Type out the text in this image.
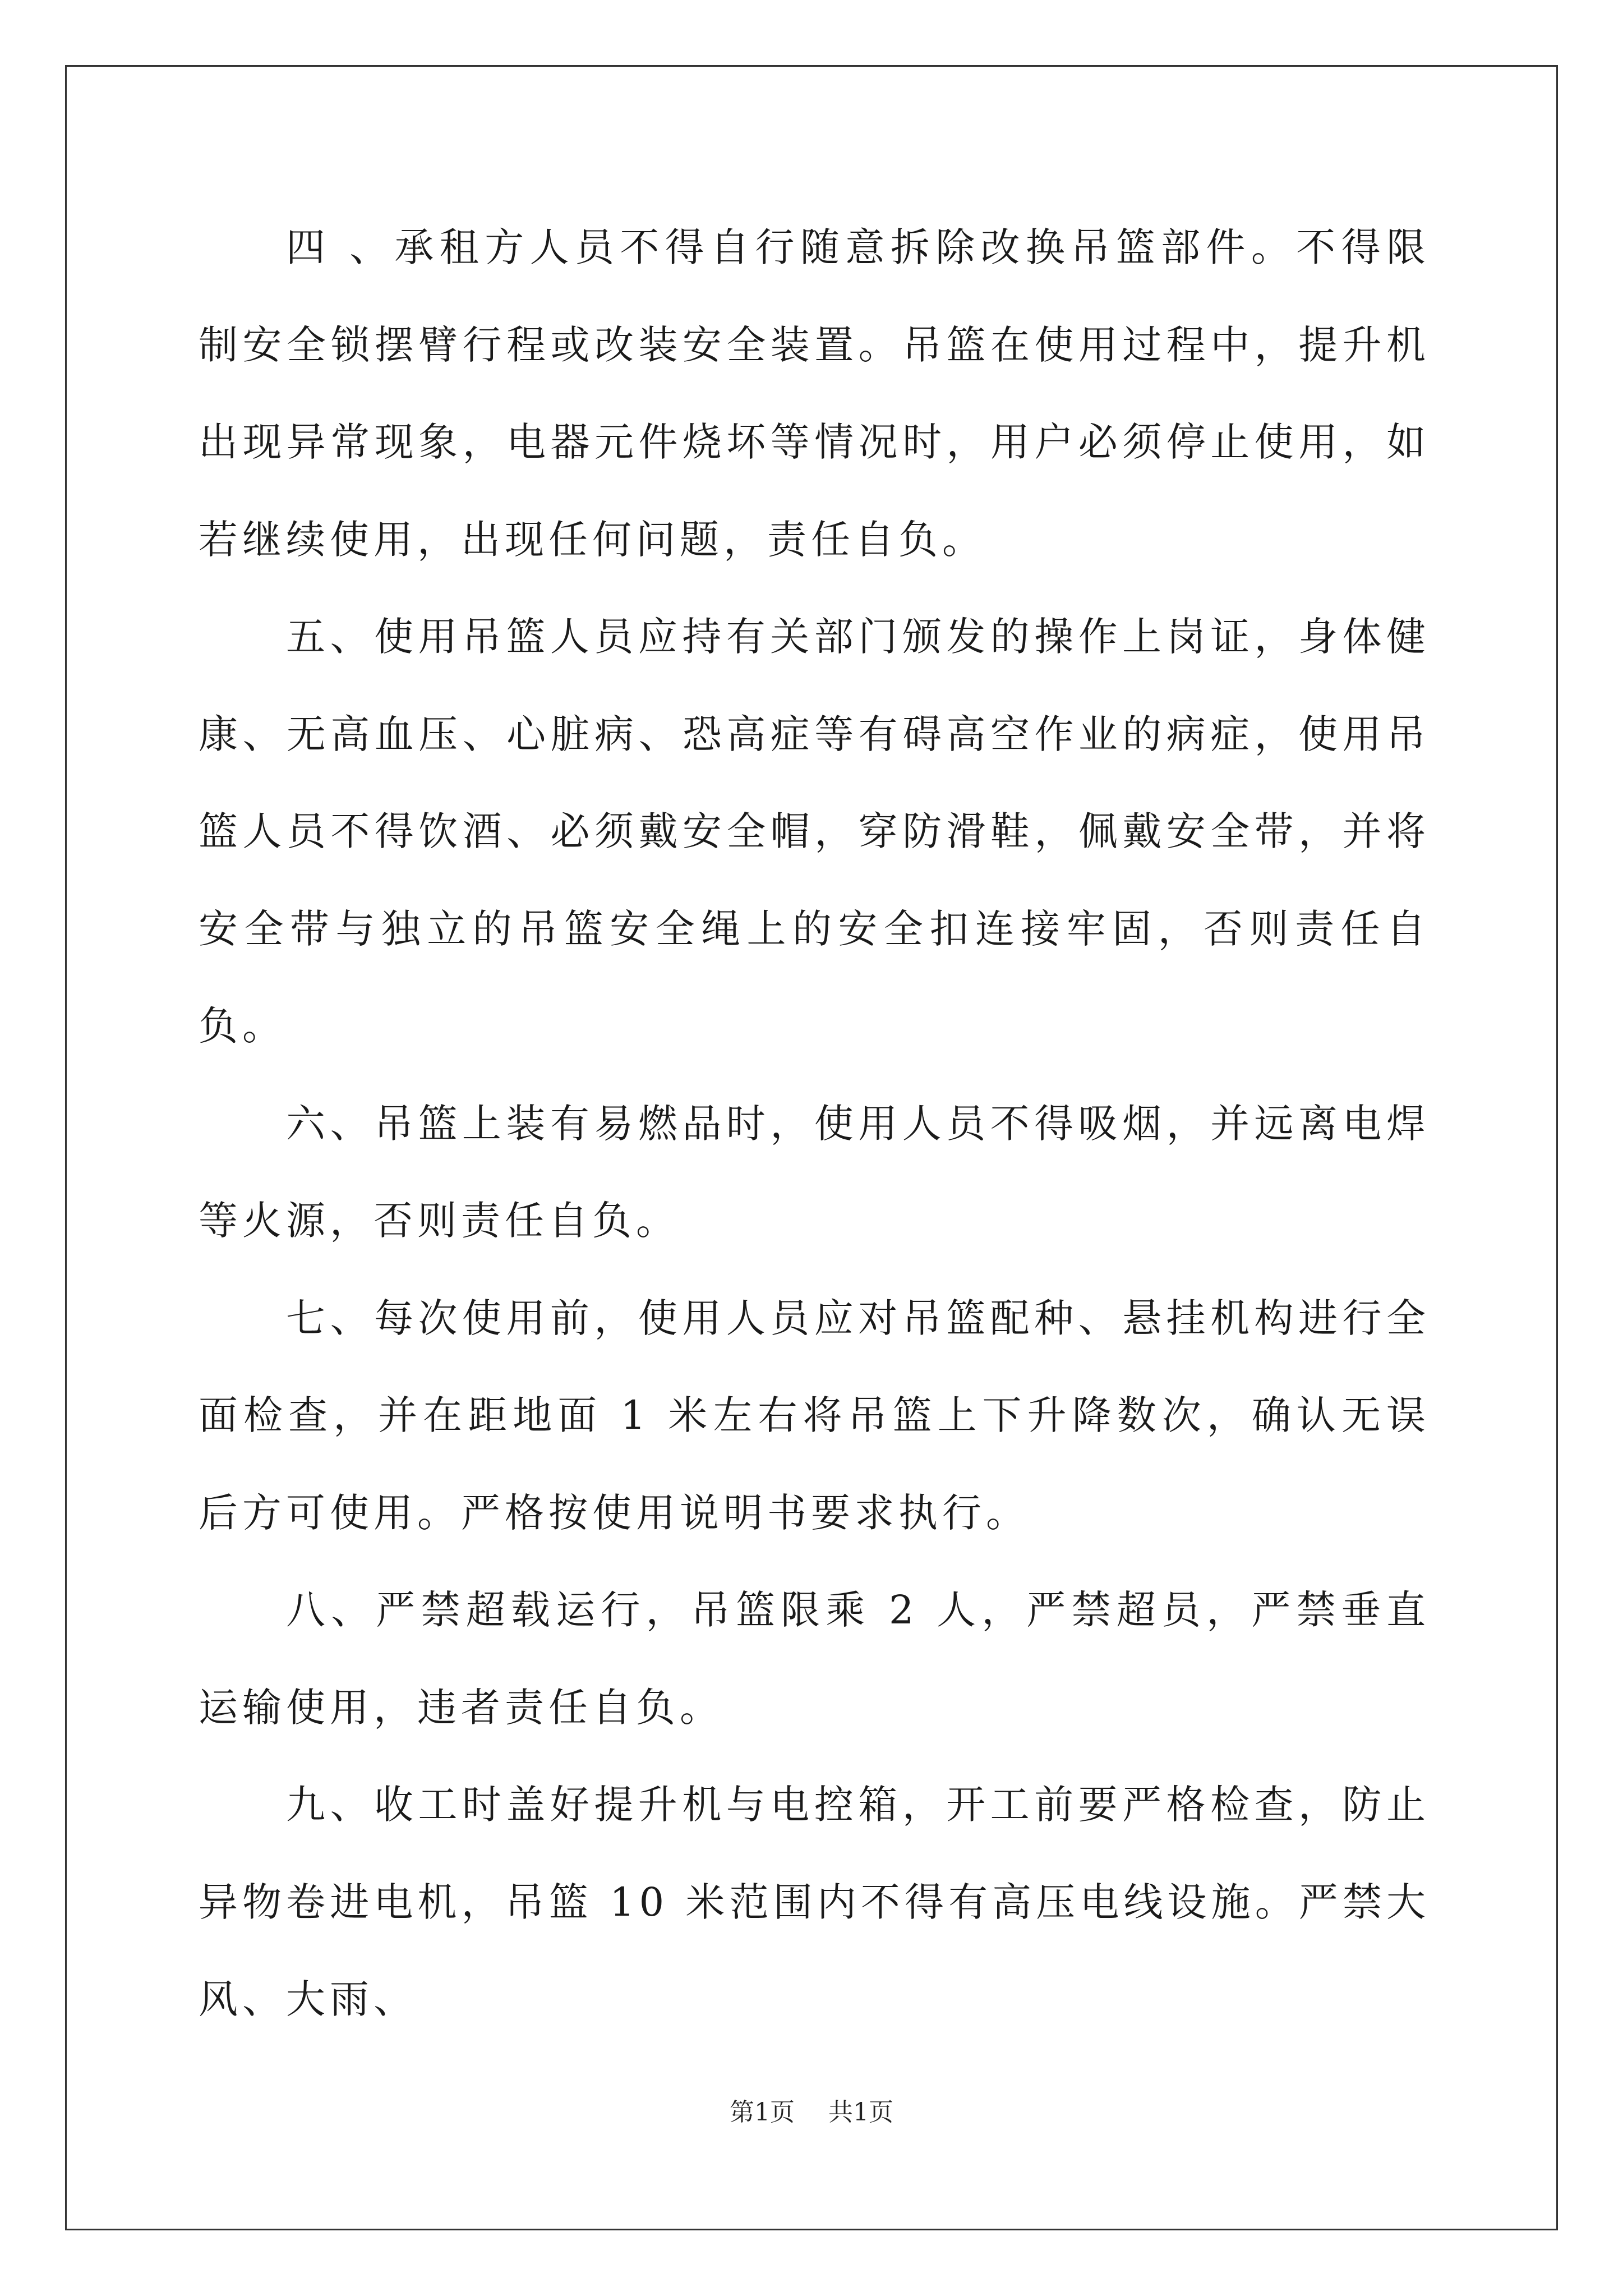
四 、承租方人员不得自行随意拆除改换吊篮部件。不得限制安全锁摆臂行程或改装安全装置。吊篮在使用过程中，提升机出现异常现象，电器元件烧坏等情况时，用户必须停止使用，如若继续使用，出现任何问题，责任自负。

五、使用吊篮人员应持有关部门颁发的操作上岗证，身体健康、无高血压、心脏病、恐高症等有碍高空作业的病症，使用吊篮人员不得饮酒、必须戴安全帽，穿防滑鞋，佩戴安全带，并将安全带与独立的吊篮安全绳上的安全扣连接牢固，否则责任自负。

六、吊篮上装有易燃品时，使用人员不得吸烟，并远离电焊等火源，否则责任自负。

七、每次使用前，使用人员应对吊篮配种、悬挂机构进行全面检查，并在距地面 1 米左右将吊篮上下升降数次，确认无误后方可使用。严格按使用说明书要求执行。

八、严禁超载运行，吊篮限乘 2 人，严禁超员，严禁垂直运输使用，违者责任自负。

九、收工时盖好提升机与电控箱，开工前要严格检查，防止异物卷进电机，吊篮 10 米范围内不得有高压电线设施。严禁大风、大雨、

第1页 共1页
